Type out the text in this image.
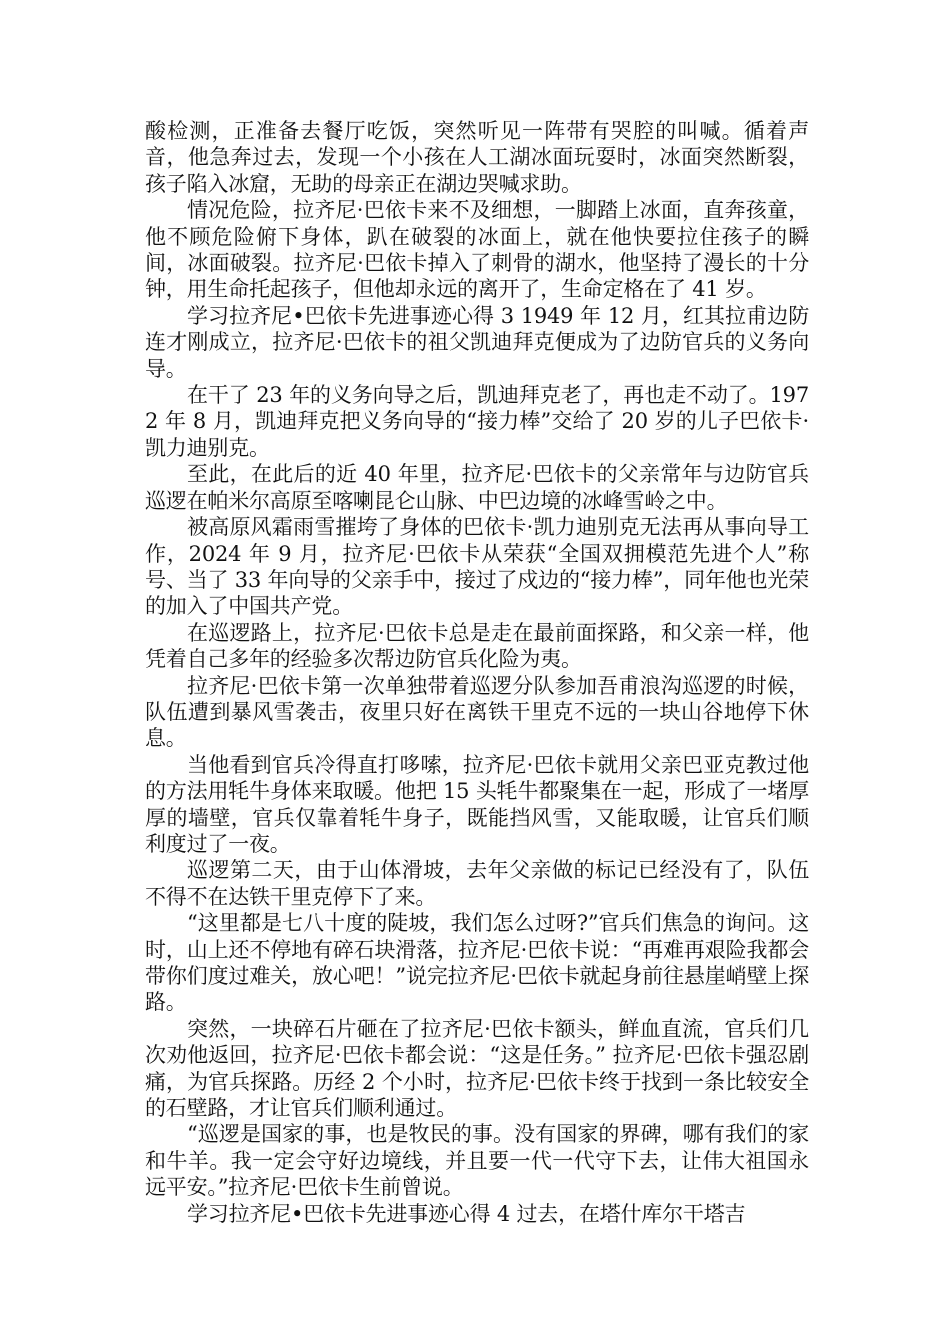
酸检测，正准备去餐厅吃饭，突然听见一阵带有哭腔的叫喊。循着声音，他急奔过去，发现一个小孩在人工湖冰面玩耍时，冰面突然断裂，孩子陷入冰窟，无助的母亲正在湖边哭喊求助。

情况危险，拉齐尼·巴依卡来不及细想，一脚踏上冰面，直奔孩童，他不顾危险俯下身体，趴在破裂的冰面上，就在他快要拉住孩子的瞬间，冰面破裂。拉齐尼·巴依卡掉入了刺骨的湖水，他坚持了漫长的十分钟，用生命托起孩子，但他却永远的离开了，生命定格在了 41 岁。

学习拉齐尼•巴依卡先进事迹心得 3 1949 年 12 月，红其拉甫边防连才刚成立，拉齐尼·巴依卡的祖父凯迪拜克便成为了边防官兵的义务向导。

在干了 23 年的义务向导之后，凯迪拜克老了，再也走不动了。1972 年 8 月，凯迪拜克把义务向导的“接力棒”交给了 20 岁的儿子巴依卡·凯力迪别克。

至此，在此后的近 40 年里，拉齐尼·巴依卡的父亲常年与边防官兵巡逻在帕米尔高原至喀喇昆仑山脉、中巴边境的冰峰雪岭之中。

被高原风霜雨雪摧垮了身体的巴依卡·凯力迪别克无法再从事向导工作，2024 年 9 月，拉齐尼·巴依卡从荣获“全国双拥模范先进个人”称号、当了 33 年向导的父亲手中，接过了戍边的“接力棒”，同年他也光荣的加入了中国共产党。

在巡逻路上，拉齐尼·巴依卡总是走在最前面探路，和父亲一样，他凭着自己多年的经验多次帮边防官兵化险为夷。

拉齐尼·巴依卡第一次单独带着巡逻分队参加吾甫浪沟巡逻的时候，队伍遭到暴风雪袭击，夜里只好在离铁干里克不远的一块山谷地停下休息。

当他看到官兵冷得直打哆嗦，拉齐尼·巴依卡就用父亲巴亚克教过他的方法用牦牛身体来取暖。他把 15 头牦牛都聚集在一起，形成了一堵厚厚的墙壁，官兵仅靠着牦牛身子，既能挡风雪，又能取暖，让官兵们顺利度过了一夜。

巡逻第二天，由于山体滑坡，去年父亲做的标记已经没有了，队伍不得不在达铁干里克停下了来。

“这里都是七八十度的陡坡，我们怎么过呀?”官兵们焦急的询问。这时，山上还不停地有碎石块滑落，拉齐尼·巴依卡说：“再难再艰险我都会带你们度过难关，放心吧！”说完拉齐尼·巴依卡就起身前往悬崖峭壁上探路。

突然，一块碎石片砸在了拉齐尼·巴依卡额头，鲜血直流，官兵们几次劝他返回，拉齐尼·巴依卡都会说：“这是任务。” 拉齐尼·巴依卡强忍剧痛，为官兵探路。历经 2 个小时，拉齐尼·巴依卡终于找到一条比较安全的石壁路，才让官兵们顺利通过。

“巡逻是国家的事，也是牧民的事。没有国家的界碑，哪有我们的家和牛羊。我一定会守好边境线，并且要一代一代守下去，让伟大祖国永远平安。”拉齐尼·巴依卡生前曾说。

学习拉齐尼•巴依卡先进事迹心得 4 过去，在塔什库尔干塔吉
